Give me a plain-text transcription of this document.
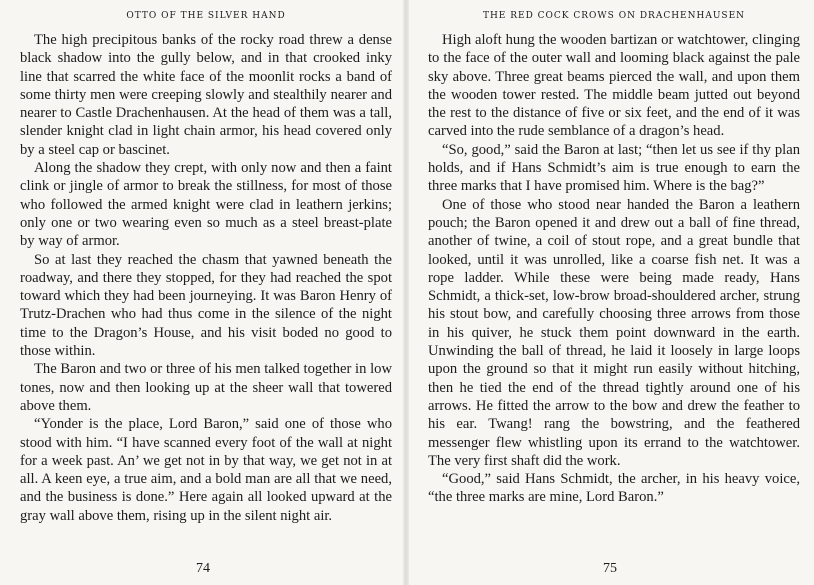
OTTO OF THE SILVER HAND

The high precipitous banks of the rocky road threw a dense black shadow into the gully below, and in that crooked inky line that scarred the white face of the moonlit rocks a band of some thirty men were creeping slowly and stealthily nearer and nearer to Castle Drachenhausen. At the head of them was a tall, slender knight clad in light chain armor, his head covered only by a steel cap or bascinet.

Along the shadow they crept, with only now and then a faint clink or jingle of armor to break the stillness, for most of those who followed the armed knight were clad in leathern jerkins; only one or two wearing even so much as a steel breast-plate by way of armor.

So at last they reached the chasm that yawned beneath the roadway, and there they stopped, for they had reached the spot toward which they had been journeying. It was Baron Henry of Trutz-Drachen who had thus come in the silence of the night time to the Dragon’s House, and his visit boded no good to those within.

The Baron and two or three of his men talked together in low tones, now and then looking up at the sheer wall that towered above them.

“Yonder is the place, Lord Baron,” said one of those who stood with him. “I have scanned every foot of the wall at night for a week past. An’ we get not in by that way, we get not in at all. A keen eye, a true aim, and a bold man are all that we need, and the business is done.” Here again all looked upward at the gray wall above them, rising up in the silent night air.

74
THE RED COCK CROWS ON DRACHENHAUSEN

High aloft hung the wooden bartizan or watchtower, clinging to the face of the outer wall and looming black against the pale sky above. Three great beams pierced the wall, and upon them the wooden tower rested. The middle beam jutted out beyond the rest to the distance of five or six feet, and the end of it was carved into the rude semblance of a dragon’s head.

“So, good,” said the Baron at last; “then let us see if thy plan holds, and if Hans Schmidt’s aim is true enough to earn the three marks that I have promised him. Where is the bag?”

One of those who stood near handed the Baron a leathern pouch; the Baron opened it and drew out a ball of fine thread, another of twine, a coil of stout rope, and a great bundle that looked, until it was unrolled, like a coarse fish net. It was a rope ladder. While these were being made ready, Hans Schmidt, a thick-set, low-brow broad-shouldered archer, strung his stout bow, and carefully choosing three arrows from those in his quiver, he stuck them point downward in the earth. Unwinding the ball of thread, he laid it loosely in large loops upon the ground so that it might run easily without hitching, then he tied the end of the thread tightly around one of his arrows. He fitted the arrow to the bow and drew the feather to his ear. Twang! rang the bowstring, and the feathered messenger flew whistling upon its errand to the watchtower. The very first shaft did the work.

“Good,” said Hans Schmidt, the archer, in his heavy voice, “the three marks are mine, Lord Baron.”

75
